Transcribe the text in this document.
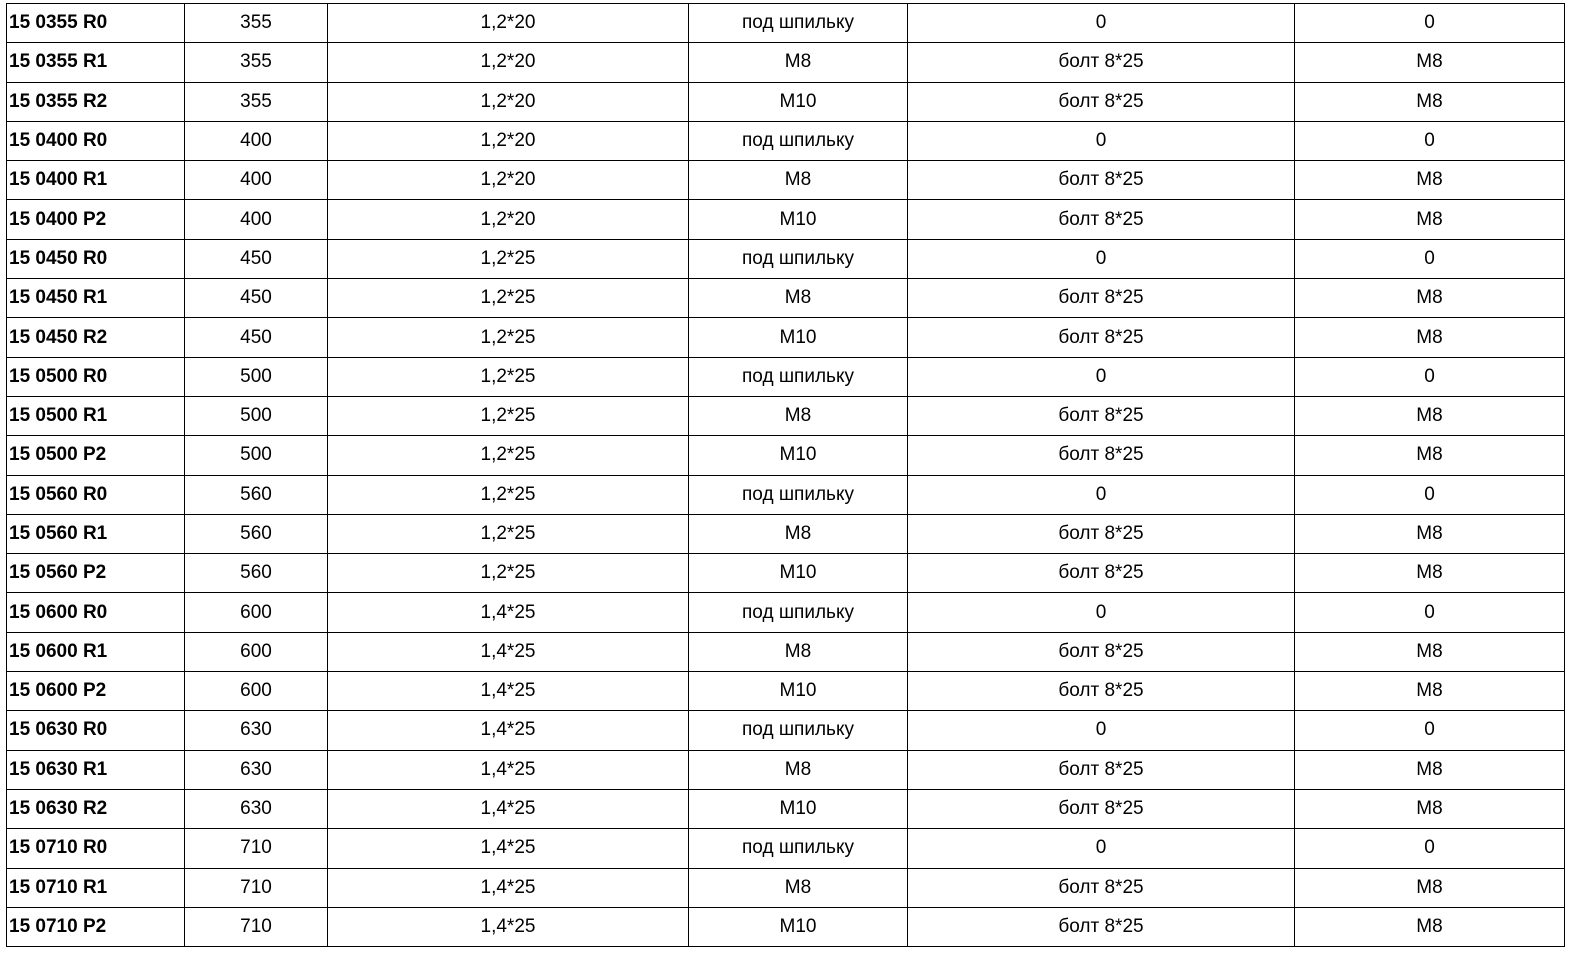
15 0355 R0	355	1,2*20	под шпильку	0	0
15 0355 R1	355	1,2*20	M8	болт 8*25	M8
15 0355 R2	355	1,2*20	M10	болт 8*25	M8
15 0400 R0	400	1,2*20	под шпильку	0	0
15 0400 R1	400	1,2*20	M8	болт 8*25	M8
15 0400 P2	400	1,2*20	M10	болт 8*25	M8
15 0450 R0	450	1,2*25	под шпильку	0	0
15 0450 R1	450	1,2*25	M8	болт 8*25	M8
15 0450 R2	450	1,2*25	M10	болт 8*25	M8
15 0500 R0	500	1,2*25	под шпильку	0	0
15 0500 R1	500	1,2*25	M8	болт 8*25	M8
15 0500 P2	500	1,2*25	M10	болт 8*25	M8
15 0560 R0	560	1,2*25	под шпильку	0	0
15 0560 R1	560	1,2*25	M8	болт 8*25	M8
15 0560 P2	560	1,2*25	M10	болт 8*25	M8
15 0600 R0	600	1,4*25	под шпильку	0	0
15 0600 R1	600	1,4*25	M8	болт 8*25	M8
15 0600 P2	600	1,4*25	M10	болт 8*25	M8
15 0630 R0	630	1,4*25	под шпильку	0	0
15 0630 R1	630	1,4*25	M8	болт 8*25	M8
15 0630 R2	630	1,4*25	M10	болт 8*25	M8
15 0710 R0	710	1,4*25	под шпильку	0	0
15 0710 R1	710	1,4*25	M8	болт 8*25	M8
15 0710 P2	710	1,4*25	M10	болт 8*25	M8
